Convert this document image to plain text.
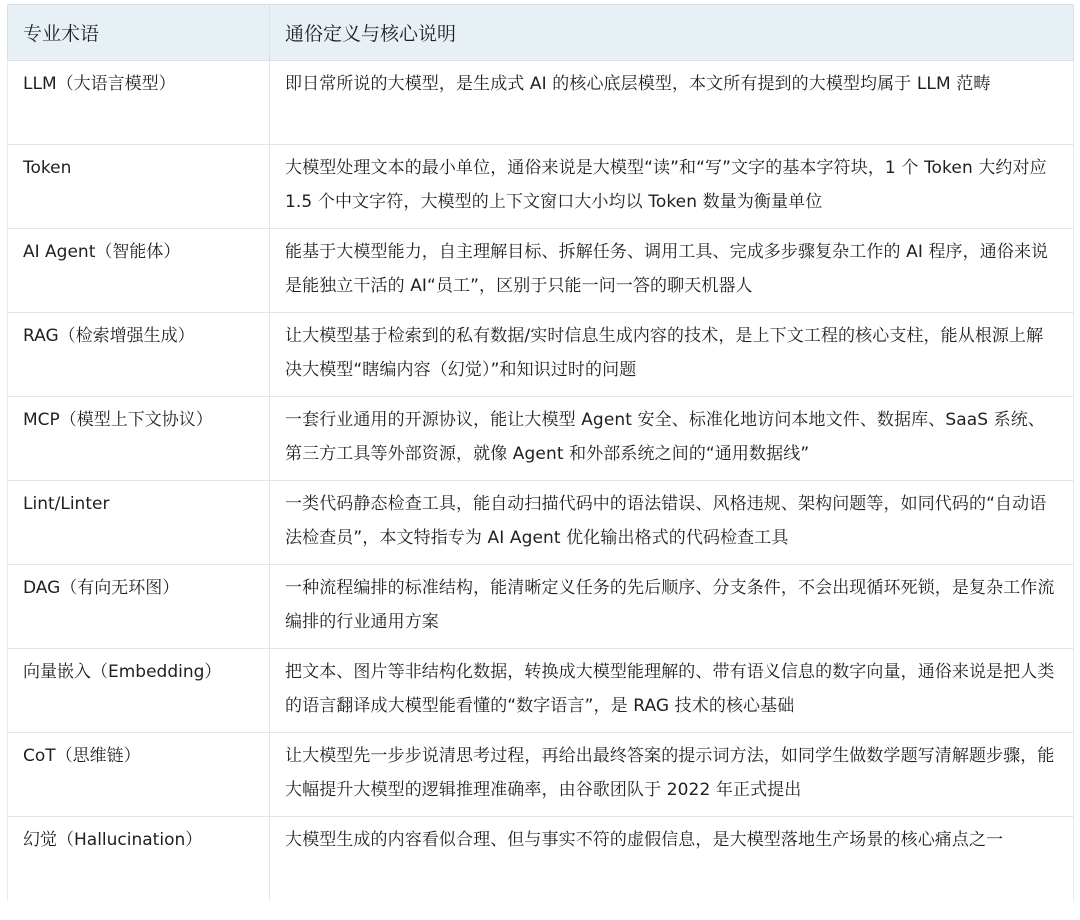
专业术语	通俗定义与核心说明
LLM（大语言模型）	即日常所说的大模型，是生成式 AI 的核心底层模型，本文所有提到的大模型均属于 LLM 范畴
Token	大模型处理文本的最小单位，通俗来说是大模型“读”和“写”文字的基本字符块，1 个 Token 大约对应 1.5 个中文字符，大模型的上下文窗口大小均以 Token 数量为衡量单位
AI Agent（智能体）	能基于大模型能力，自主理解目标、拆解任务、调用工具、完成多步骤复杂工作的 AI 程序，通俗来说是能独立干活的 AI“员工”，区别于只能一问一答的聊天机器人
RAG（检索增强生成）	让大模型基于检索到的私有数据/实时信息生成内容的技术，是上下文工程的核心支柱，能从根源上解决大模型“瞎编内容（幻觉）”和知识过时的问题
MCP（模型上下文协议）	一套行业通用的开源协议，能让大模型 Agent 安全、标准化地访问本地文件、数据库、SaaS 系统、第三方工具等外部资源，就像 Agent 和外部系统之间的“通用数据线”
Lint/Linter	一类代码静态检查工具，能自动扫描代码中的语法错误、风格违规、架构问题等，如同代码的“自动语法检查员”，本文特指专为 AI Agent 优化输出格式的代码检查工具
DAG（有向无环图）	一种流程编排的标准结构，能清晰定义任务的先后顺序、分支条件，不会出现循环死锁，是复杂工作流编排的行业通用方案
向量嵌入（Embedding）	把文本、图片等非结构化数据，转换成大模型能理解的、带有语义信息的数字向量，通俗来说是把人类的语言翻译成大模型能看懂的“数字语言”，是 RAG 技术的核心基础
CoT（思维链）	让大模型先一步步说清思考过程，再给出最终答案的提示词方法，如同学生做数学题写清解题步骤，能大幅提升大模型的逻辑推理准确率，由谷歌团队于 2022 年正式提出
幻觉（Hallucination）	大模型生成的内容看似合理、但与事实不符的虚假信息，是大模型落地生产场景的核心痛点之一
